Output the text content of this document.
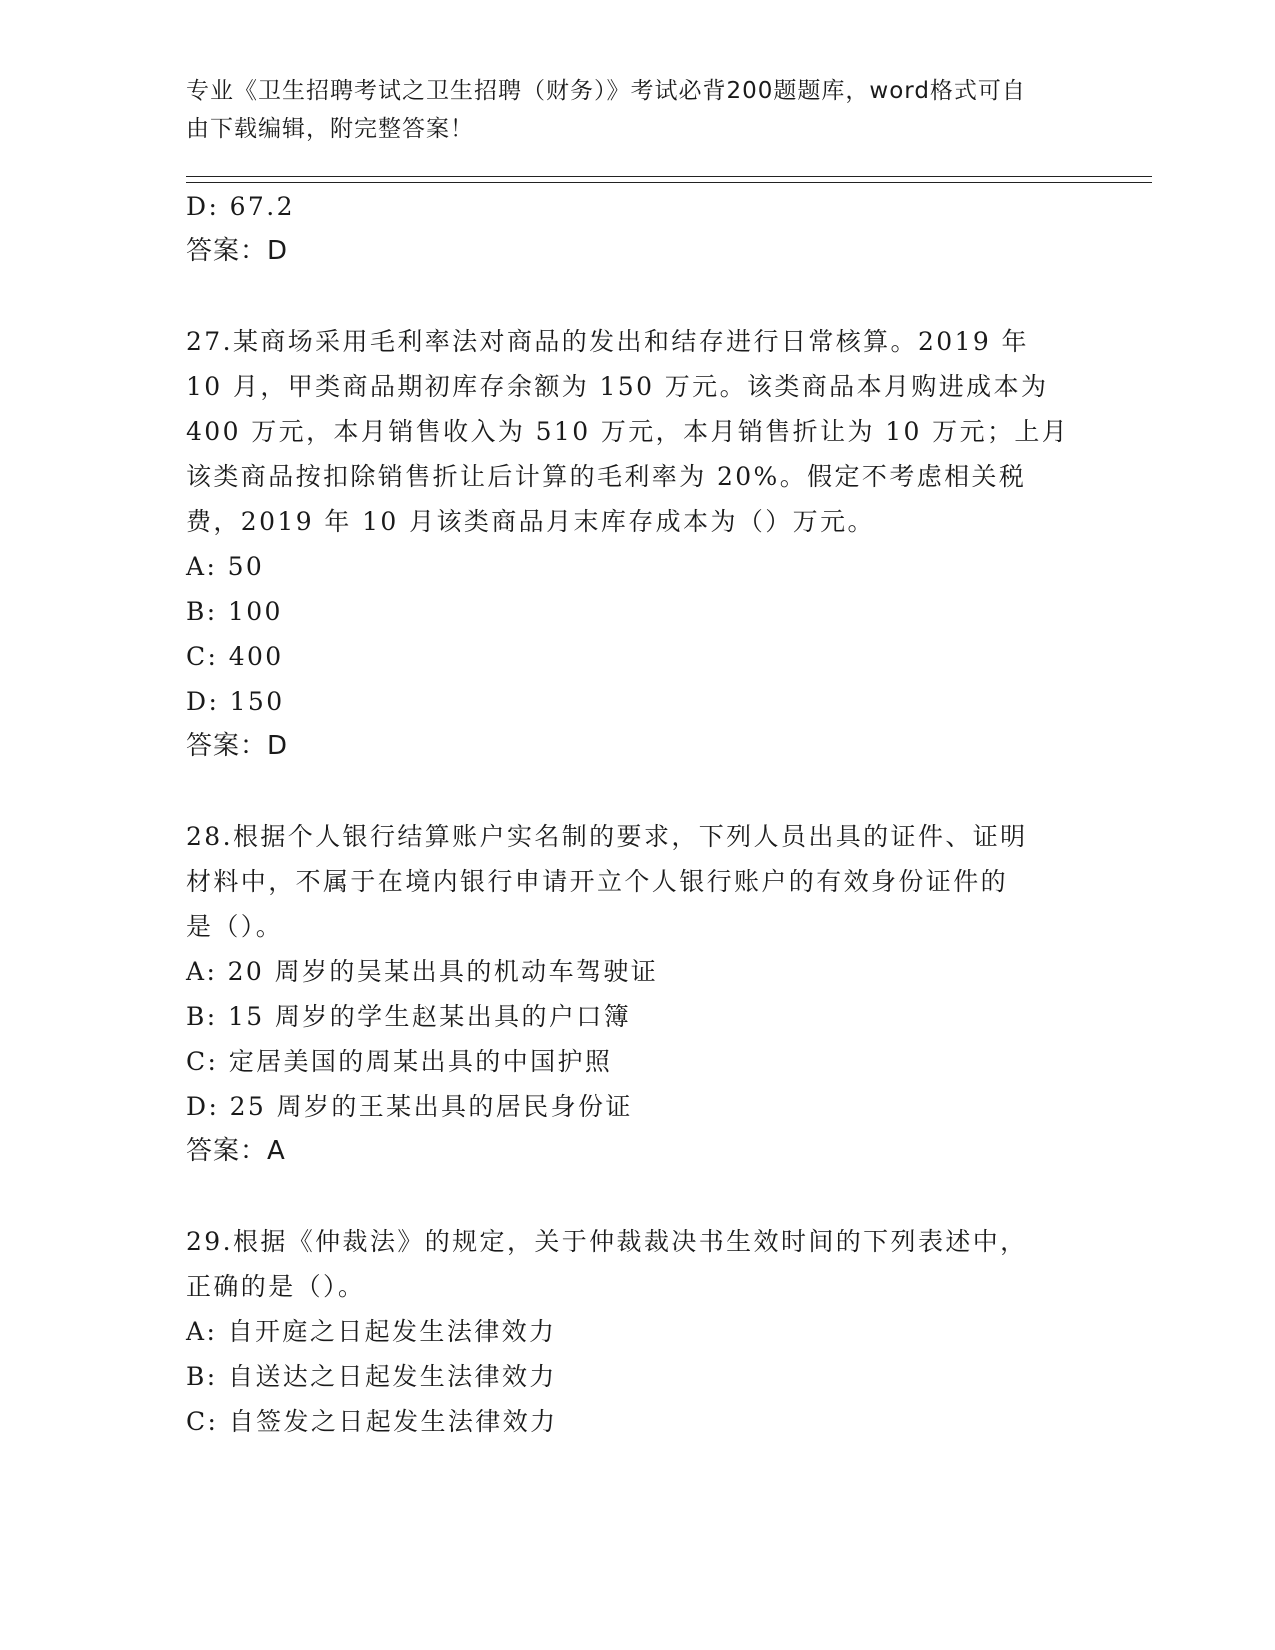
专业《卫生招聘考试之卫生招聘（财务）》考试必背200题题库，word格式可自
由下载编辑，附完整答案！
D: 67.2
答案：D
27.某商场采用毛利率法对商品的发出和结存进行日常核算。2019 年
10 月，甲类商品期初库存余额为 150 万元。该类商品本月购进成本为
400 万元，本月销售收入为 510 万元，本月销售折让为 10 万元；上月
该类商品按扣除销售折让后计算的毛利率为 20%。假定不考虑相关税
费，2019 年 10 月该类商品月末库存成本为（）万元。
A: 50
B: 100
C: 400
D: 150
答案：D
28.根据个人银行结算账户实名制的要求，下列人员出具的证件、证明
材料中，不属于在境内银行申请开立个人银行账户的有效身份证件的
是（）。
A: 20 周岁的吴某出具的机动车驾驶证
B: 15 周岁的学生赵某出具的户口簿
C: 定居美国的周某出具的中国护照
D: 25 周岁的王某出具的居民身份证
答案：A
29.根据《仲裁法》的规定，关于仲裁裁决书生效时间的下列表述中，
正确的是（）。
A: 自开庭之日起发生法律效力
B: 自送达之日起发生法律效力
C: 自签发之日起发生法律效力
